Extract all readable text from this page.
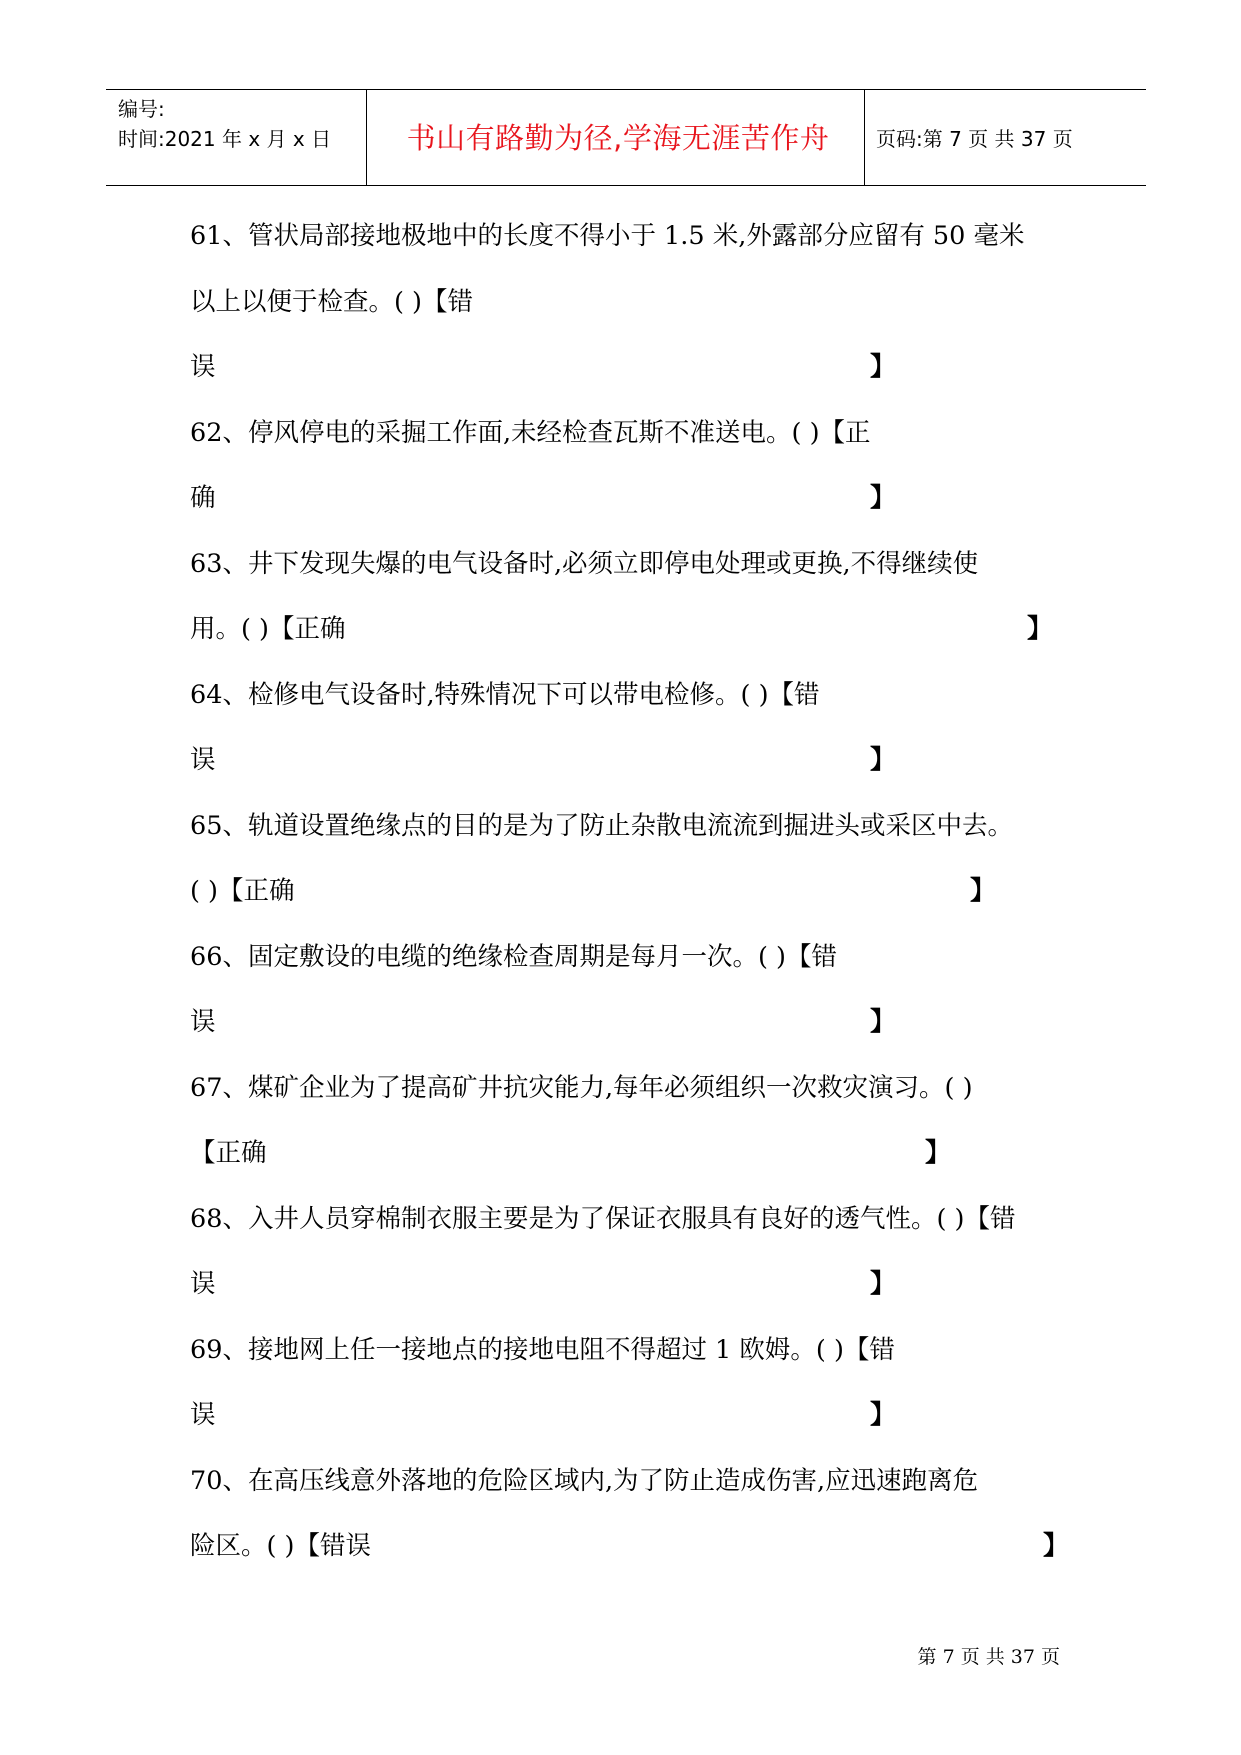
编号:
时间:2021 年 x 月 x 日	书山有路勤为径,学海无涯苦作舟	页码:第 7 页 共 37 页
61、管状局部接地极地中的长度不得小于 1.5 米,外露部分应留有 50 毫米
以上以便于检查。( )【错
误	】
62、停风停电的采掘工作面,未经检查瓦斯不准送电。( )【正
确	】
63、井下发现失爆的电气设备时,必须立即停电处理或更换,不得继续使
用。( )【正确	】
64、检修电气设备时,特殊情况下可以带电检修。( )【错
误	】
65、轨道设置绝缘点的目的是为了防止杂散电流流到掘进头或采区中去。
( )【正确	】
66、固定敷设的电缆的绝缘检查周期是每月一次。( )【错
误	】
67、煤矿企业为了提高矿井抗灾能力,每年必须组织一次救灾演习。( )
【正确	】
68、入井人员穿棉制衣服主要是为了保证衣服具有良好的透气性。( )【错
误	】
69、接地网上任一接地点的接地电阻不得超过 1 欧姆。( )【错
误	】
70、在高压线意外落地的危险区域内,为了防止造成伤害,应迅速跑离危
险区。( )【错误	】
第 7 页 共 37 页
